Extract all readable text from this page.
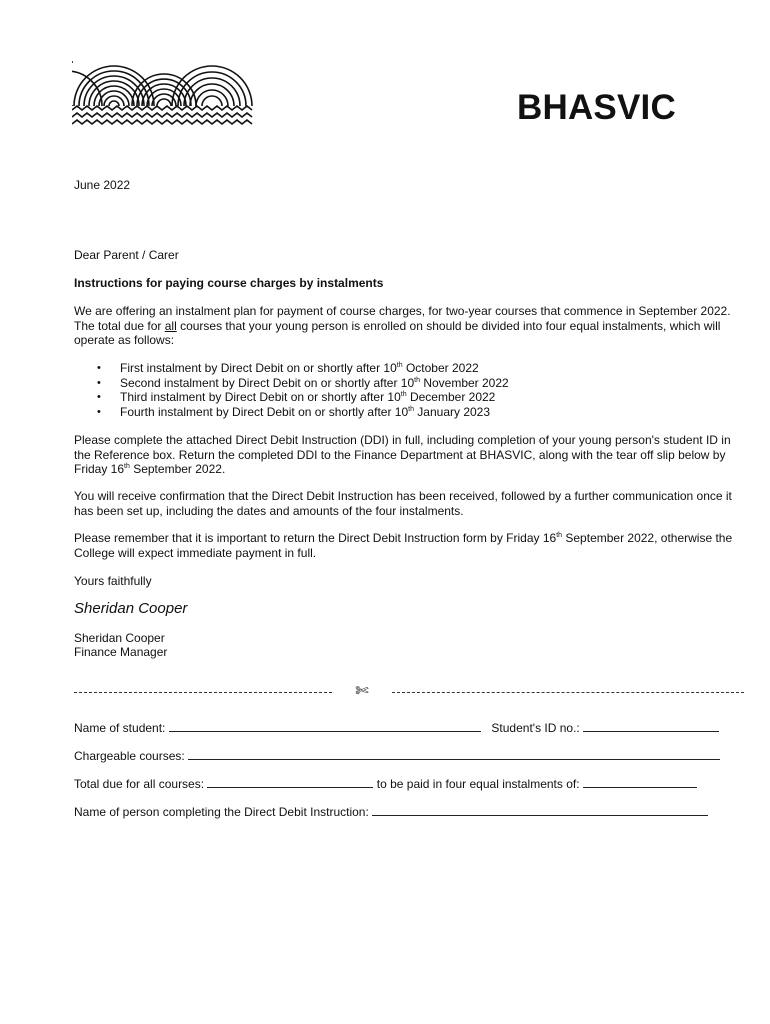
BHASVIC

June 2022

Dear Parent / Carer

Instructions for paying course charges by instalments

We are offering an instalment plan for payment of course charges, for two-year courses that commence in September 2022. The total due for all courses that your young person is enrolled on should be divided into four equal instalments, which will operate as follows:

• First instalment by Direct Debit on or shortly after 10th October 2022
• Second instalment by Direct Debit on or shortly after 10th November 2022
• Third instalment by Direct Debit on or shortly after 10th December 2022
• Fourth instalment by Direct Debit on or shortly after 10th January 2023

Please complete the attached Direct Debit Instruction (DDI) in full, including completion of your young person's student ID in the Reference box. Return the completed DDI to the Finance Department at BHASVIC, along with the tear off slip below by Friday 16th September 2022.

You will receive confirmation that the Direct Debit Instruction has been received, followed by a further communication once it has been set up, including the dates and amounts of the four instalments.

Please remember that it is important to return the Direct Debit Instruction form by Friday 16th September 2022, otherwise the College will expect immediate payment in full.

Yours faithfully

Sheridan Cooper

Sheridan Cooper

Finance Manager

✄
Name of student:	Student's ID no.:
Chargeable courses:
Total due for all courses:	to be paid in four equal instalments of:
Name of person completing the Direct Debit Instruction:
